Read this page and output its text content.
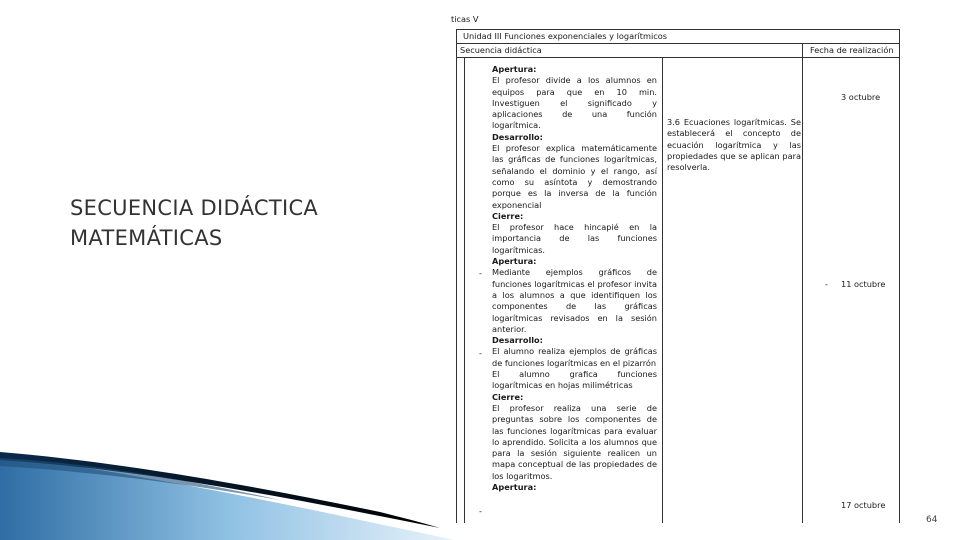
SECUENCIA DIDÁCTICA
MATEMÁTICAS
ticas V
Unidad III Funciones exponenciales y logarítmicos
Secuencia didáctica	Fecha de realización
Apertura:
El profesor divide a los alumnos en equipos para que en 10 min. Investiguen el significado y aplicaciones de una función logarítmica.
Desarrollo:
El profesor explica matemáticamente las gráficas de funciones logarítmicas, señalando el dominio y el rango, así como su asíntota y demostrando porque es la inversa de la función exponencial
Cierre:
El profesor hace hincapié en la importancia de las funciones logarítmicas.
Apertura:
Mediante ejemplos gráficos de funciones logarítmicas el profesor invita a los alumnos a que identifiquen los componentes de las gráficas logarítmicas revisados en la sesión anterior.
Desarrollo:
El alumno realiza ejemplos de gráficas de funciones logarítmicas en el pizarrón
El alumno grafica funciones logarítmicas en hojas milimétricas
Cierre:
El profesor realiza una serie de preguntas sobre los componentes de las funciones logarítmicas para evaluar lo aprendido. Solicita a los alumnos que para la sesión siguiente realicen un mapa conceptual de las propiedades de los logaritmos.
Apertura:
-
-
-
3.6 Ecuaciones logarítmicas. Se establecerá el concepto de ecuación logarítmica y las propiedades que se aplican para resolverla.
3 octubre
- 11 octubre
17 octubre
64
